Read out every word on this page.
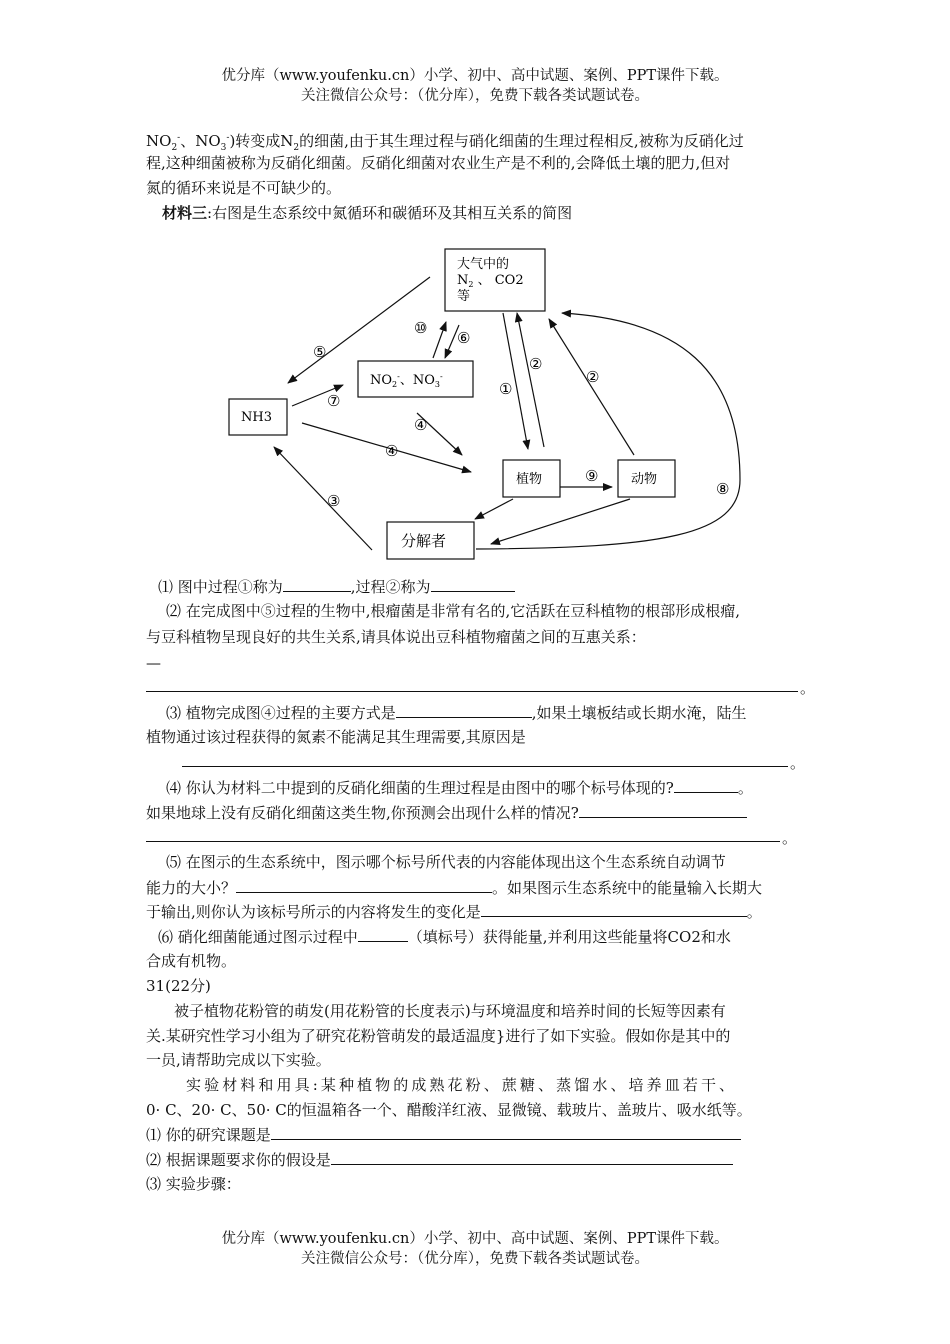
优分库（www.youfenku.cn）小学、初中、高中试题、案例、PPT课件下载。
关注微信公众号：（优分库），免费下载各类试题试卷。
$NO_2^-$、$NO_3^-$)转变成$N_2$的细菌,由于其生理过程与硝化细菌的生理过程相反,被称为反硝化过
程,这种细菌被称为反硝化细菌。反硝化细菌对农业生产是不利的,会降低土壤的肥力,但对
氮的循环来说是不可缺少的。
材料三:右图是生态系绞中氮循环和碳循环及其相互关系的简图
大气中的
$N_2$ 、 CO2
等
$NO_2^-$、$NO_3^-$
NH3
植物	动物
分解者
⑤
⑩
⑥
②
②
①
⑦
④
④
⑨
⑧
③
⑴ 图中过程①称为	,过程②称为
⑵ 在完成图中⑤过程的生物中,根瘤菌是非常有名的,它活跃在豆科植物的根部形成根瘤,
与豆科植物呈现良好的共生关系,请具体说出豆科植物瘤菌之间的互惠关系：
—
。
⑶ 植物完成图④过程的主要方式是	,如果土壤板结或长期水淹，陆生
植物通过该过程获得的氮素不能满足其生理需要,其原因是
。
⑷ 你认为材料二中提到的反硝化细菌的生理过程是由图中的哪个标号体现的?	。
如果地球上没有反硝化细菌这类生物,你预测会出现什么样的情况?
。
⑸ 在图示的生态系统中，图示哪个标号所代表的内容能体现出这个生态系统自动调节
能力的大小？	。如果图示生态系统中的能量输入长期大
于输出,则你认为该标号所示的内容将发生的变化是	。
⑹ 硝化细菌能通过图示过程中	（填标号）获得能量,并利用这些能量将CO2和水
合成有机物。
31(22分)
被子植物花粉管的萌发(用花粉管的长度表示)与环境温度和培养时间的长短等因素有
关.某研究性学习小组为了研究花粉管萌发的最适温度}进行了如下实验。假如你是其中的
一员,请帮助完成以下实验。
实验材料和用具:某种植物的成熟花粉、蔗糖、蒸馏水、培养皿若干、
0· C、20· C、50· C的恒温箱各一个、醋酸洋红液、显微镜、载玻片、盖玻片、吸水纸等。
⑴ 你的研究课题是
⑵ 根据课题要求你的假设是
⑶ 实验步骤：
优分库（www.youfenku.cn）小学、初中、高中试题、案例、PPT课件下载。
关注微信公众号：（优分库），免费下载各类试题试卷。
